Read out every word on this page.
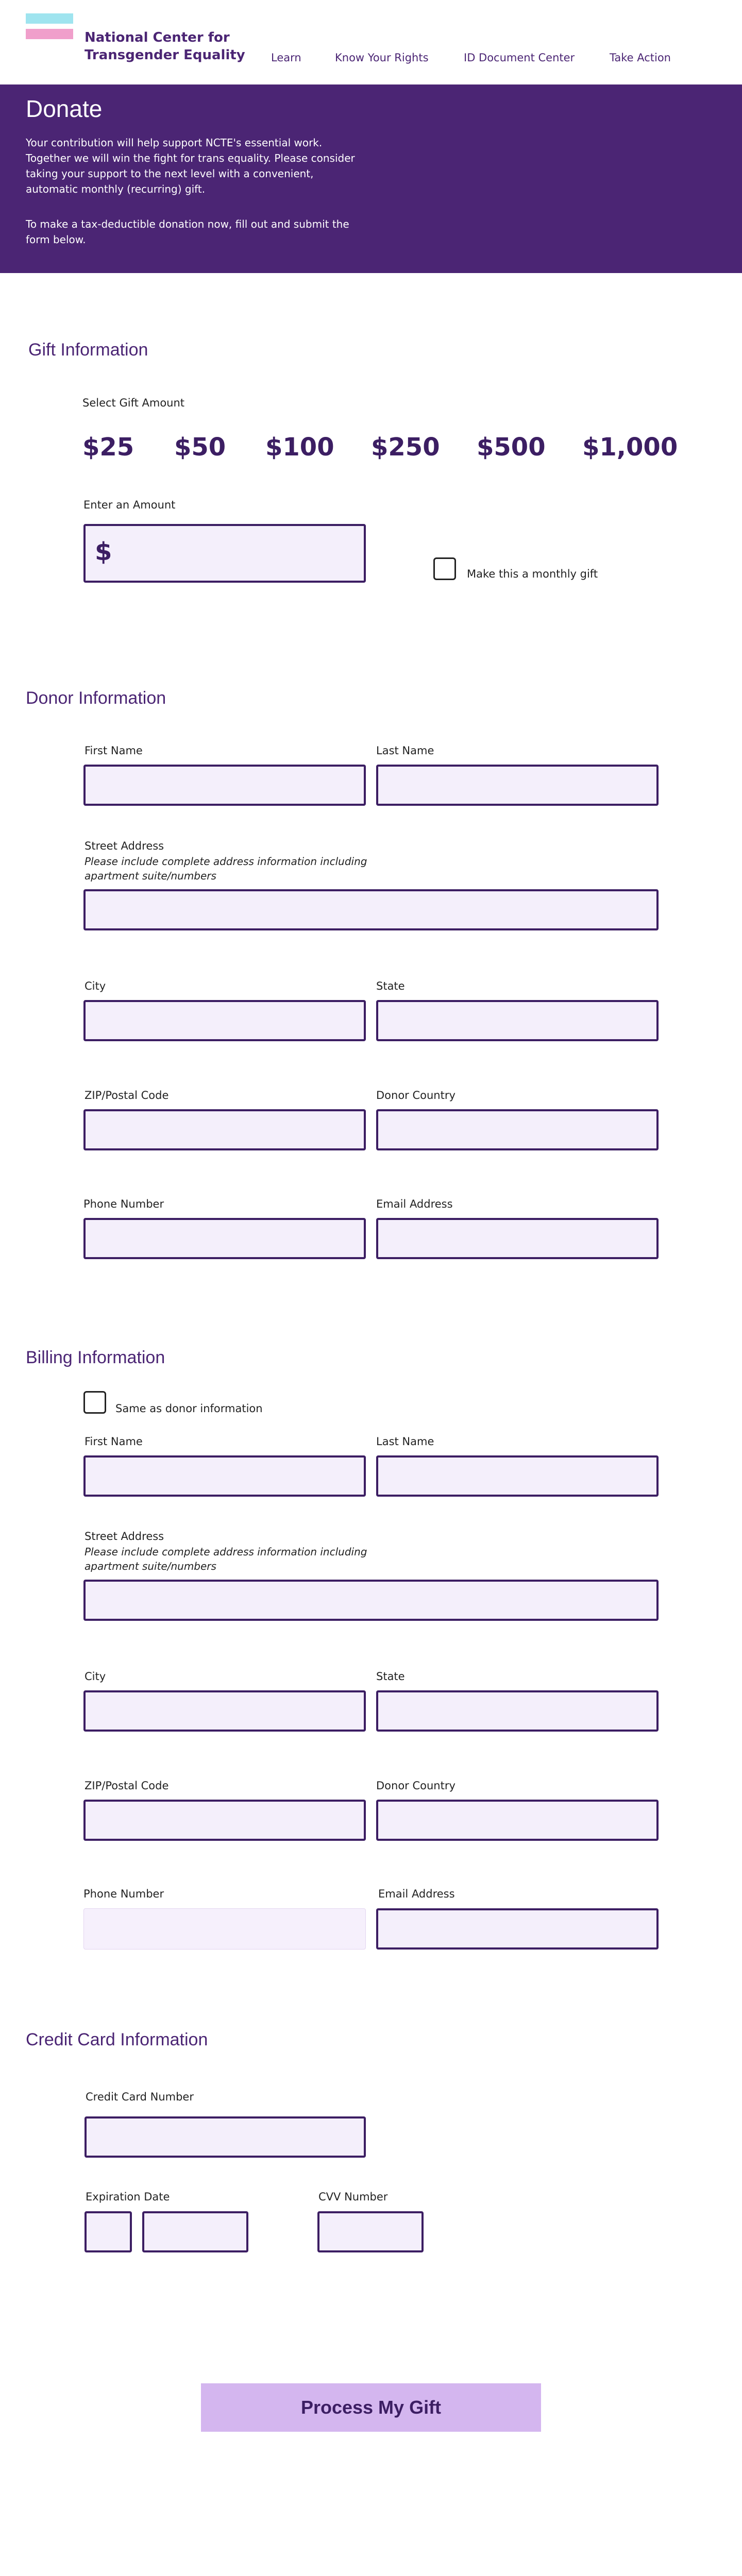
National Center for
Transgender Equality Learn	Know Your Rights	ID Document Center	Take Action
Donate

Your contribution will help support NCTE's essential work. Together we will win the fight for trans equality. Please consider taking your support to the next level with a convenient, automatic monthly (recurring) gift.

To make a tax-deductible donation now, fill out and submit the form below.

Gift Information
Select Gift Amount
$25 $50 $100 $250 $500 $1,000
Enter an Amount
$
Make this a monthly gift
Donor Information
First Name	Last Name
Street Address
Please include complete address information including
apartment suite/numbers
City	State
ZIP/Postal Code	Donor Country
Phone Number	Email Address
Billing Information
Same as donor information
First Name	Last Name
Street Address
Please include complete address information including
apartment suite/numbers
City	State
ZIP/Postal Code	Donor Country
Phone Number	Email Address
Credit Card Information
Credit Card Number
Expiration Date	CVV Number
Process My Gift
